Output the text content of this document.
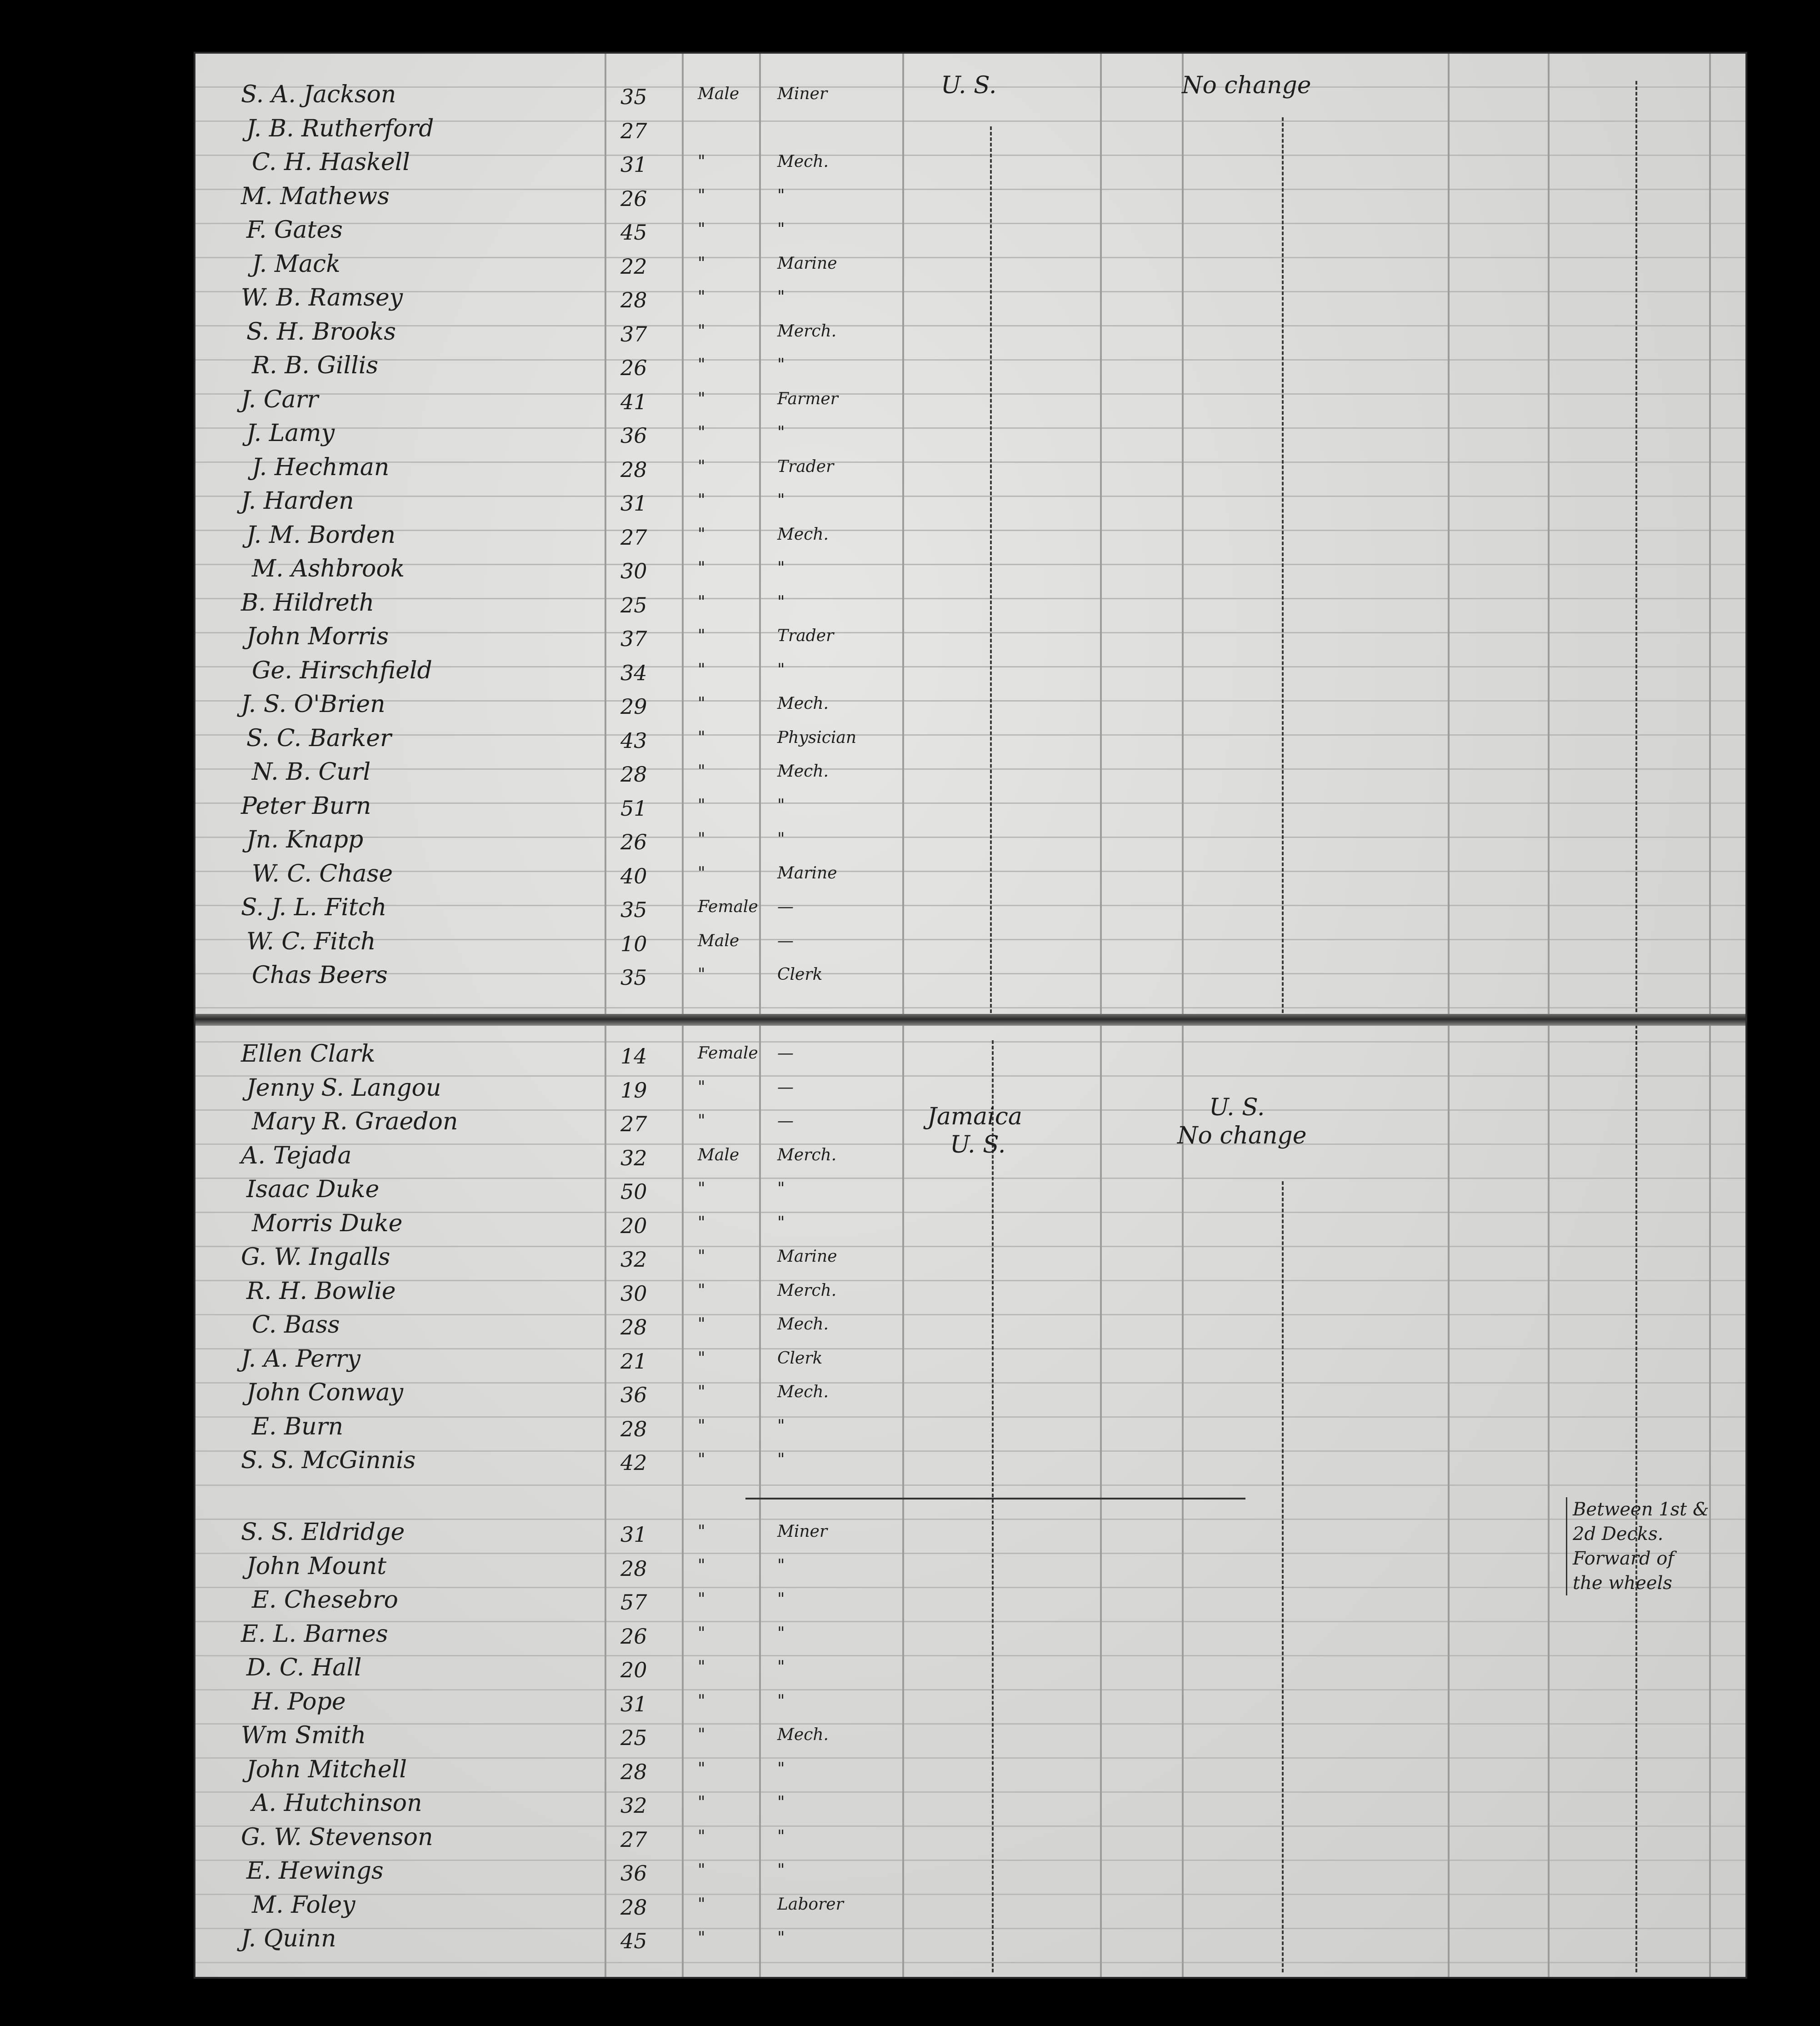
U. S.	No change
Jamaica
U. S.
U. S.
No change
Between 1st &
2d Decks.
Forward of
the wheels
S. A. Jackson	35	Male Miner
J. B. Rutherford	27
C. H. Haskell	31	"	Mech.
M. Mathews	26	"	"
F. Gates	45	"	"
J. Mack	22	"	Marine
W. B. Ramsey	28	"	"
S. H. Brooks	37	"	Merch.
R. B. Gillis	26	"	"
J. Carr	41	"	Farmer
J. Lamy	36	"	"
J. Hechman	28	"	Trader
J. Harden	31	"	"
J. M. Borden	27	"	Mech.
M. Ashbrook	30	"	"
B. Hildreth	25	"	"
John Morris	37	"	Trader
Ge. Hirschfield	34	"	"
J. S. O'Brien	29	"	Mech.
S. C. Barker	43	"	Physician
N. B. Curl	28	"	Mech.
Peter Burn	51	"	"
Jn. Knapp	26	"	"
W. C. Chase	40	"	Marine
S. J. L. Fitch	35	Female —
W. C. Fitch	10	Male —
Chas Beers	35	"	Clerk
Ellen Clark	14	Female —
Jenny S. Langou	19	"	—
Mary R. Graedon	27	"	—
A. Tejada	32	Male Merch.
Isaac Duke	50	"	"
Morris Duke	20	"	"
G. W. Ingalls	32	"	Marine
R. H. Bowlie	30	"	Merch.
C. Bass	28	"	Mech.
J. A. Perry	21	"	Clerk
John Conway	36	"	Mech.
E. Burn	28	"	"
S. S. McGinnis	42	"	"
S. S. Eldridge	31	"	Miner
John Mount	28	"	"
E. Chesebro	57	"	"
E. L. Barnes	26	"	"
D. C. Hall	20	"	"
H. Pope	31	"	"
Wm Smith	25	"	Mech.
John Mitchell	28	"	"
A. Hutchinson	32	"	"
G. W. Stevenson	27	"	"
E. Hewings	36	"	"
M. Foley	28	"	Laborer
J. Quinn	45	"	"
